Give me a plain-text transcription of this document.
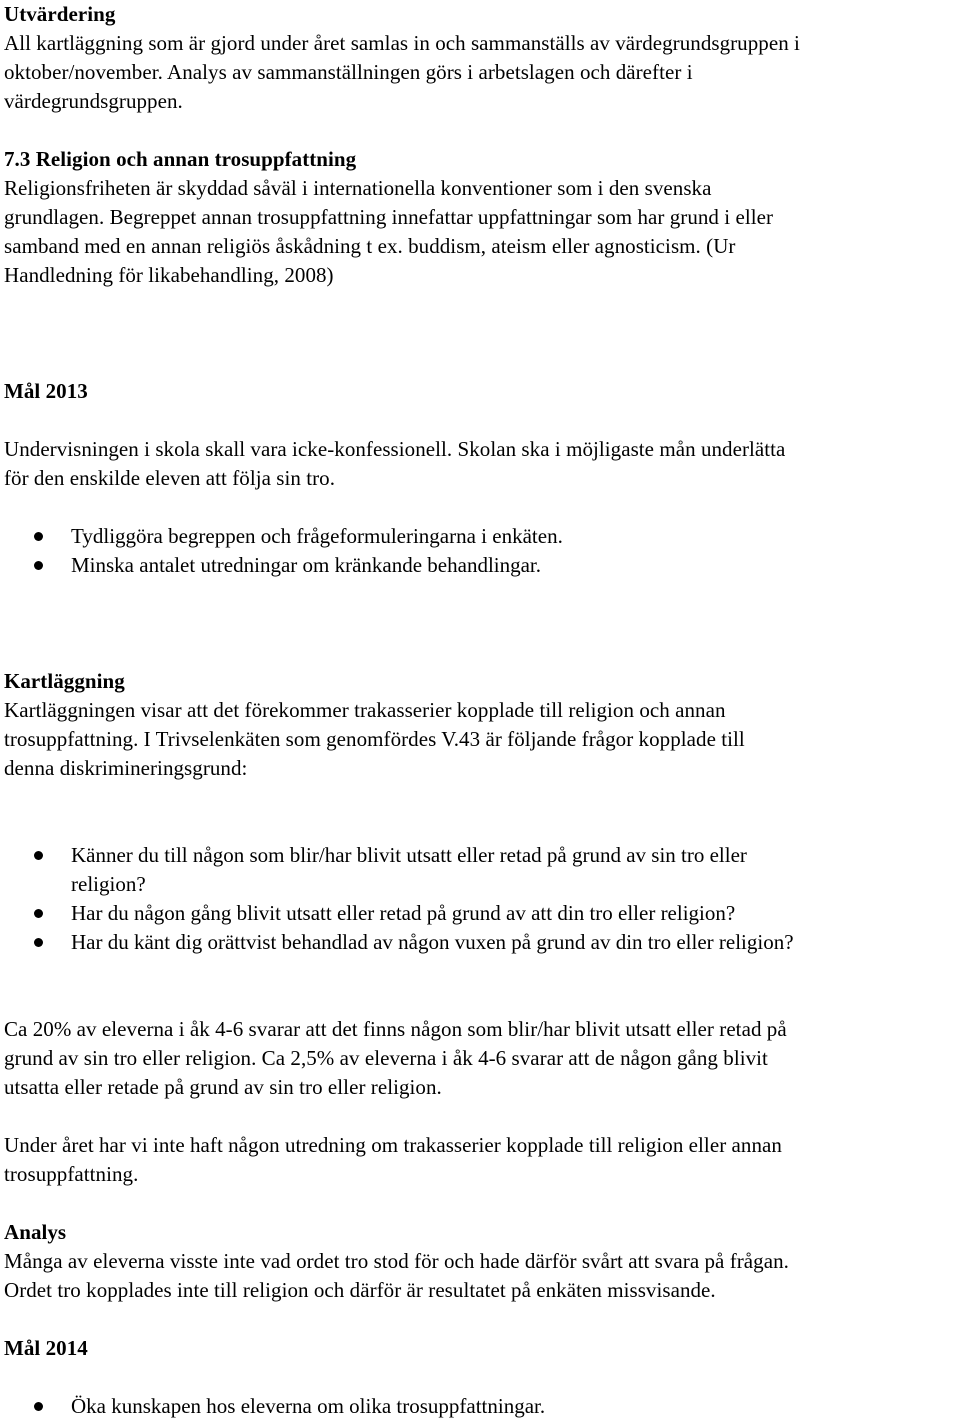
Utvärdering

All kartläggning som är gjord under året samlas in och sammanställs av värdegrundsgruppen i

oktober/november. Analys av sammanställningen görs i arbetslagen och därefter i

värdegrundsgruppen.

7.3 Religion och annan trosuppfattning

Religionsfriheten är skyddad såväl i internationella konventioner som i den svenska

grundlagen. Begreppet annan trosuppfattning innefattar uppfattningar som har grund i eller

samband med en annan religiös åskådning t ex. buddism, ateism eller agnosticism. (Ur

Handledning för likabehandling, 2008)

Mål 2013

Undervisningen i skola skall vara icke-konfessionell. Skolan ska i möjligaste mån underlätta

för den enskilde eleven att följa sin tro.

Tydliggöra begreppen och frågeformuleringarna i enkäten.
Minska antalet utredningar om kränkande behandlingar.

Kartläggning

Kartläggningen visar att det förekommer trakasserier kopplade till religion och annan

trosuppfattning. I Trivselenkäten som genomfördes V.43 är följande frågor kopplade till

denna diskrimineringsgrund:

Känner du till någon som blir/har blivit utsatt eller retad på grund av sin tro eller
religion?
Har du någon gång blivit utsatt eller retad på grund av att din tro eller religion?
Har du känt dig orättvist behandlad av någon vuxen på grund av din tro eller religion?

Ca 20% av eleverna i åk 4-6 svarar att det finns någon som blir/har blivit utsatt eller retad på

grund av sin tro eller religion. Ca 2,5% av eleverna i åk 4-6 svarar att de någon gång blivit

utsatta eller retade på grund av sin tro eller religion.

Under året har vi inte haft någon utredning om trakasserier kopplade till religion eller annan

trosuppfattning.

Analys

Många av eleverna visste inte vad ordet tro stod för och hade därför svårt att svara på frågan.

Ordet tro kopplades inte till religion och därför är resultatet på enkäten missvisande.

Mål 2014

Öka kunskapen hos eleverna om olika trosuppfattningar.
